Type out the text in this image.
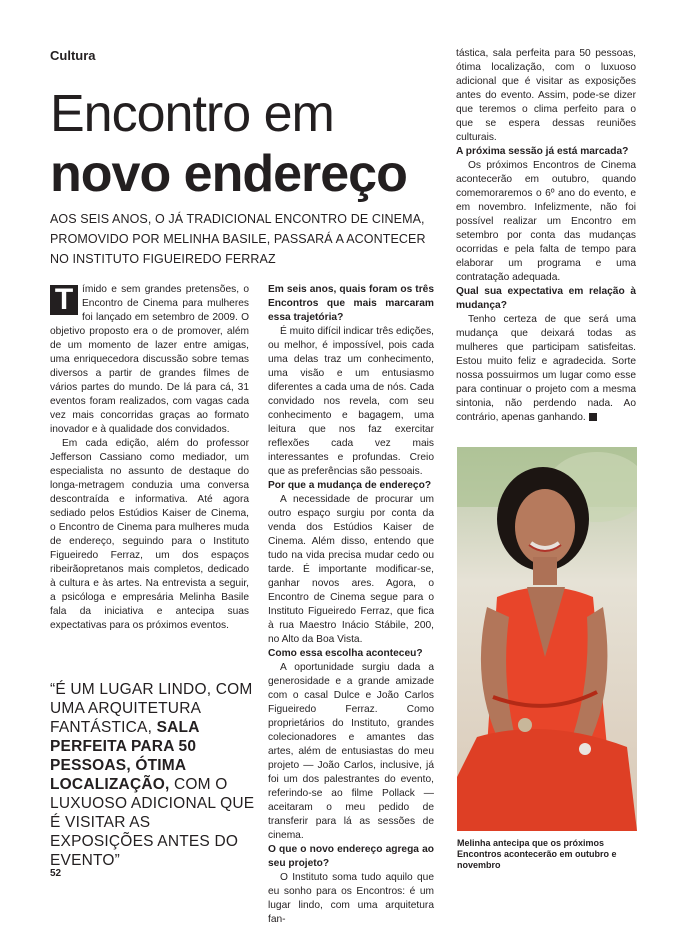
Cultura
Encontro em
novo endereço
AOS SEIS ANOS, O JÁ TRADICIONAL ENCONTRO DE CINEMA,
PROMOVIDO POR MELINHA BASILE, PASSARÁ A ACONTECER
NO INSTITUTO FIGUEIREDO FERRAZ

T ímido e sem grandes pretensões, o Encontro de Cinema para mulheres foi lançado em setembro de 2009. O objetivo proposto era o de promover, além de um momento de lazer entre amigas, uma enriquecedora discussão sobre temas diversos a partir de grandes filmes de vários partes do mundo. De lá para cá, 31 eventos foram realizados, com vagas cada vez mais concorridas graças ao formato inovador e à qualidade dos convidados.

Em cada edição, além do professor Jefferson Cassiano como mediador, um especialista no assunto de destaque do longa-metragem conduzia uma conversa descontraída e informativa. Até agora sediado pelos Estúdios Kaiser de Cinema, o Encontro de Cinema para mulheres muda de endereço, seguindo para o Instituto Figueiredo Ferraz, um dos espaços ribeirãopretanos mais completos, dedicado à cultura e às artes. Na entrevista a seguir, a psicóloga e empresária Melinha Basile fala da iniciativa e antecipa suas expectativas para os próximos eventos.

“É UM LUGAR LINDO, COM UMA ARQUITETURA FANTÁSTICA, SALA PERFEITA PARA 50 PESSOAS, ÓTIMA LOCALIZAÇÃO, COM O LUXUOSO ADICIONAL QUE É VISITAR AS EXPOSIÇÕES ANTES DO EVENTO”

Em seis anos, quais foram os três Encontros que mais marcaram essa trajetória?

É muito difícil indicar três edições, ou melhor, é impossível, pois cada uma delas traz um conhecimento, uma visão e um entusiasmo diferentes a cada uma de nós. Cada convidado nos revela, com seu conhecimento e bagagem, uma leitura que nos faz exercitar reflexões cada vez mais interessantes e profundas. Creio que as preferências são pessoais.

Por que a mudança de endereço?

A necessidade de procurar um outro espaço surgiu por conta da venda dos Estúdios Kaiser de Cinema. Além disso, entendo que tudo na vida precisa mudar cedo ou tarde. É importante modificar-se, ganhar novos ares. Agora, o Encontro de Cinema segue para o Instituto Figueiredo Ferraz, que fica à rua Maestro Inácio Stábile, 200, no Alto da Boa Vista.

Como essa escolha aconteceu?

A oportunidade surgiu dada a generosidade e a grande amizade com o casal Dulce e João Carlos Figueiredo Ferraz. Como proprietários do Instituto, grandes colecionadores e amantes das artes, além de entusiastas do meu projeto — João Carlos, inclusive, já foi um dos palestrantes do evento, referindo-se ao filme Pollack — aceitaram o meu pedido de transferir para lá as sessões de cinema.

O que o novo endereço agrega ao seu projeto?

O Instituto soma tudo aquilo que eu sonho para os Encontros: é um lugar lindo, com uma arquitetura fan-

tástica, sala perfeita para 50 pessoas, ótima localização, com o luxuoso adicional que é visitar as exposições antes do evento. Assim, pode-se dizer que teremos o clima perfeito para o que se espera dessas reuniões culturais.

A próxima sessão já está marcada?

Os próximos Encontros de Cinema acontecerão em outubro, quando comemoraremos o 6º ano do evento, e em novembro. Infelizmente, não foi possível realizar um Encontro em setembro por conta das mudanças ocorridas e pela falta de tempo para elaborar um programa e uma contratação adequada.

Qual sua expectativa em relação à mudança?

Tenho certeza de que será uma mudança que deixará todas as mulheres que participam satisfeitas. Estou muito feliz e agradecida. Sorte nossa possuirmos um lugar como esse para continuar o projeto com a mesma sintonia, não perdendo nada. Ao contrário, apenas ganhando.

Melinha antecipa que os próximos Encontros acontecerão em outubro e novembro
52
